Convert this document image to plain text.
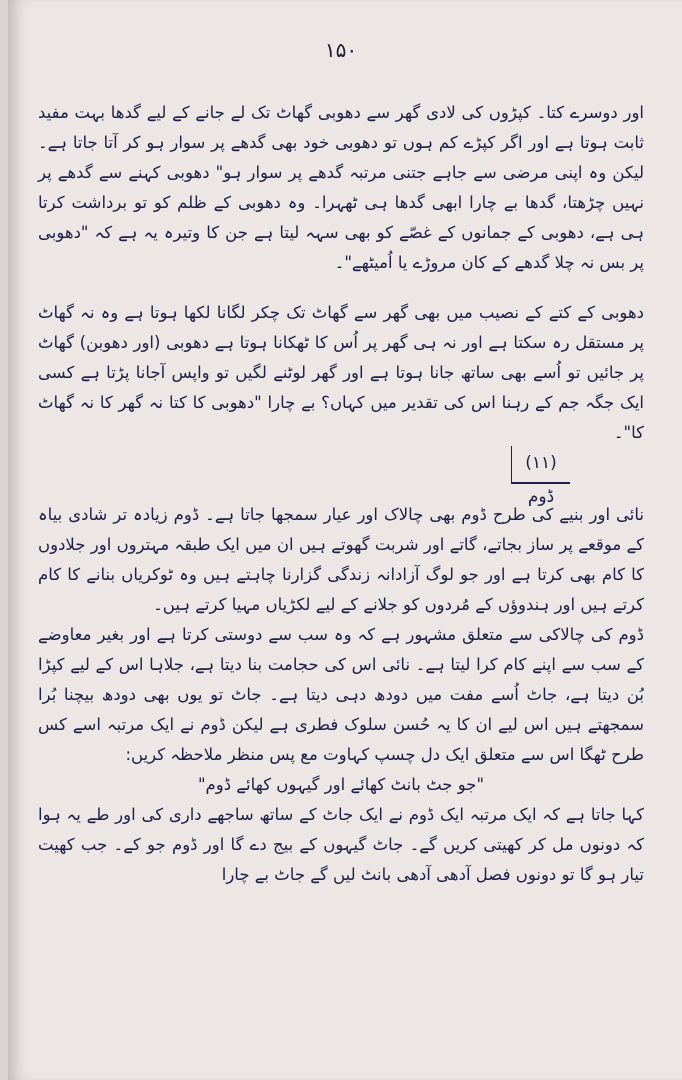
۱۵۰

اور دوسرے کتا۔ کپڑوں کی لادی گھر سے دھوبی گھاٹ تک لے جانے کے لیے گدھا بہت مفید ثابت ہوتا ہے اور اگر کپڑے کم ہوں تو دھوبی خود بھی گدھے پر سوار ہو کر آتا جاتا ہے۔ لیکن وہ اپنی مرضی سے جاہے جتنی مرتبہ گدھے پر سوار ہو" دھوبی کہنے سے گدھے پر نہیں چڑھتا، گدھا بے چارا ابھی گدھا ہی ٹھہرا۔ وہ دھوبی کے ظلم کو تو برداشت کرتا ہی ہے، دھوبی کے جمانوں کے غصّے کو بھی سہہ لیتا ہے جن کا وتیرہ یہ ہے کہ "دھوبی پر بس نہ چلا گدھے کے کان مروڑے یا اُمیٹھے"۔

دھوبی کے کتے کے نصیب میں بھی گھر سے گھاٹ تک چکر لگانا لکھا ہوتا ہے وہ نہ گھاٹ پر مستقل رہ سکتا ہے اور نہ ہی گھر پر اُس کا ٹھکانا ہوتا ہے دھوبی (اور دھوبن) گھاٹ پر جائیں تو اُسے بھی ساتھ جانا ہوتا ہے اور گھر لوٹنے لگیں تو واپس آجانا پڑتا ہے کسی ایک جگہ جم کے رہنا اس کی تقدیر میں کہاں؟ بے چارا "دھوبی کا کتا نہ گھر کا نہ گھاٹ کا"۔

(۱۱) ڈوم

نائی اور بنیے کی طرح ڈوم بھی چالاک اور عیار سمجھا جاتا ہے۔ ڈوم زیادہ تر شادی بیاہ کے موقعے پر ساز بجاتے، گاتے اور شربت گھوتے ہیں ان میں ایک طبقہ مہتروں اور جلادوں کا کام بھی کرتا ہے اور جو لوگ آزادانہ زندگی گزارنا چاہتے ہیں وہ ٹوکریاں بنانے کا کام کرتے ہیں اور ہندوؤں کے مُردوں کو جلانے کے لیے لکڑیاں مہیا کرتے ہیں۔

ڈوم کی چالاکی سے متعلق مشہور ہے کہ وہ سب سے دوستی کرتا ہے اور بغیر معاوضے کے سب سے اپنے کام کرا لیتا ہے۔ نائی اس کی حجامت بنا دیتا ہے، جلاہا اس کے لیے کپڑا بُن دیتا ہے، جاٹ اُسے مفت میں دودھ دہی دیتا ہے۔ جاٹ تو یوں بھی دودھ بیچنا بُرا سمجھتے ہیں اس لیے ان کا یہ حُسن سلوک فطری ہے لیکن ڈوم نے ایک مرتبہ اسے کس طرح ٹھگا اس سے متعلق ایک دل چسپ کہاوت مع پس منظر ملاحظہ کریں:

"جو جٹ بانٹ کھائے اور گیہوں کھائے ڈوم"

کہا جاتا ہے کہ ایک مرتبہ ایک ڈوم نے ایک جاٹ کے ساتھ ساجھے داری کی اور طے یہ ہوا کہ دونوں مل کر کھیتی کریں گے۔ جاٹ گیہوں کے بیج دے گا اور ڈوم جو کے۔ جب کھیت تیار ہو گا تو دونوں فصل آدھی آدھی بانٹ لیں گے جاٹ بے چارا
